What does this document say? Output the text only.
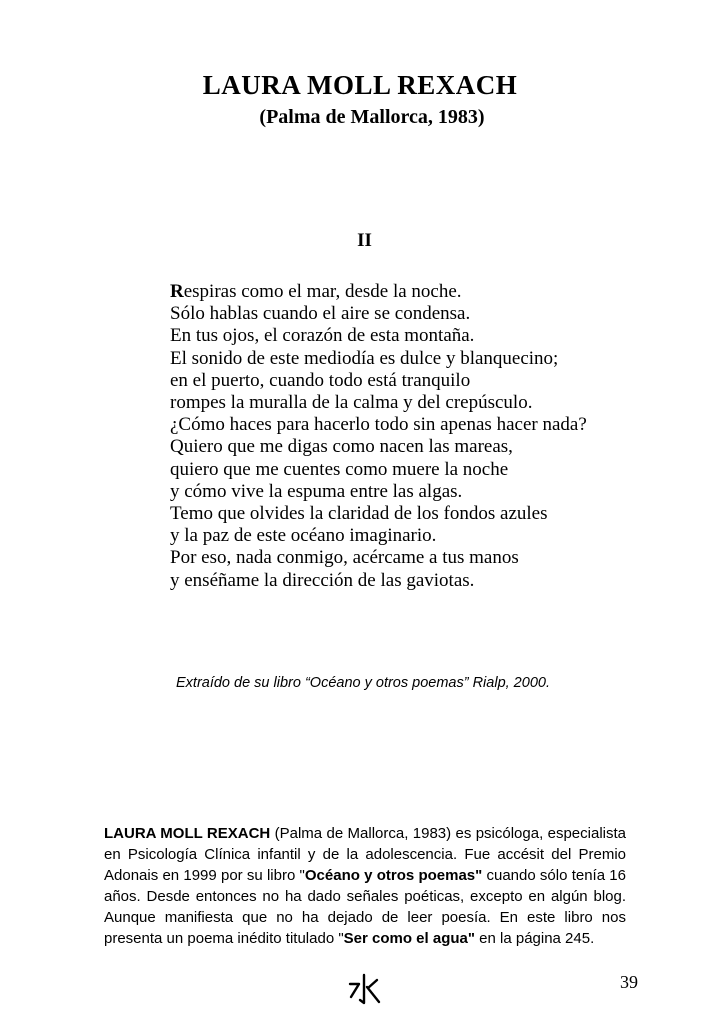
LAURA MOLL REXACH
(Palma de Mallorca, 1983)
II
Respiras como el mar, desde la noche.
Sólo hablas cuando el aire se condensa.
En tus ojos, el corazón de esta montaña.
El sonido de este mediodía es dulce y blanquecino;
en el puerto, cuando todo está tranquilo
rompes la muralla de la calma y del crepúsculo.
¿Cómo haces para hacerlo todo sin apenas hacer nada?
Quiero que me digas como nacen las mareas,
quiero que me cuentes como muere la noche
y cómo vive la espuma entre las algas.
Temo que olvides la claridad de los fondos azules
y la paz de este océano imaginario.
Por eso, nada conmigo, acércame a tus manos
y enséñame la dirección de las gaviotas.
Extraído de su libro “Océano y otros poemas” Rialp, 2000.
LAURA MOLL REXACH (Palma de Mallorca, 1983) es psicóloga, especialista en Psicología Clínica infantil y de la adolescencia. Fue accésit del Premio Adonais en 1999 por su libro "Océano y otros poemas" cuando sólo tenía 16 años. Desde entonces no ha dado señales poéticas, excepto en algún blog. Aunque manifiesta que no ha dejado de leer poesía. En este libro nos presenta un poema inédito titulado "Ser como el agua" en la página 245.
39
